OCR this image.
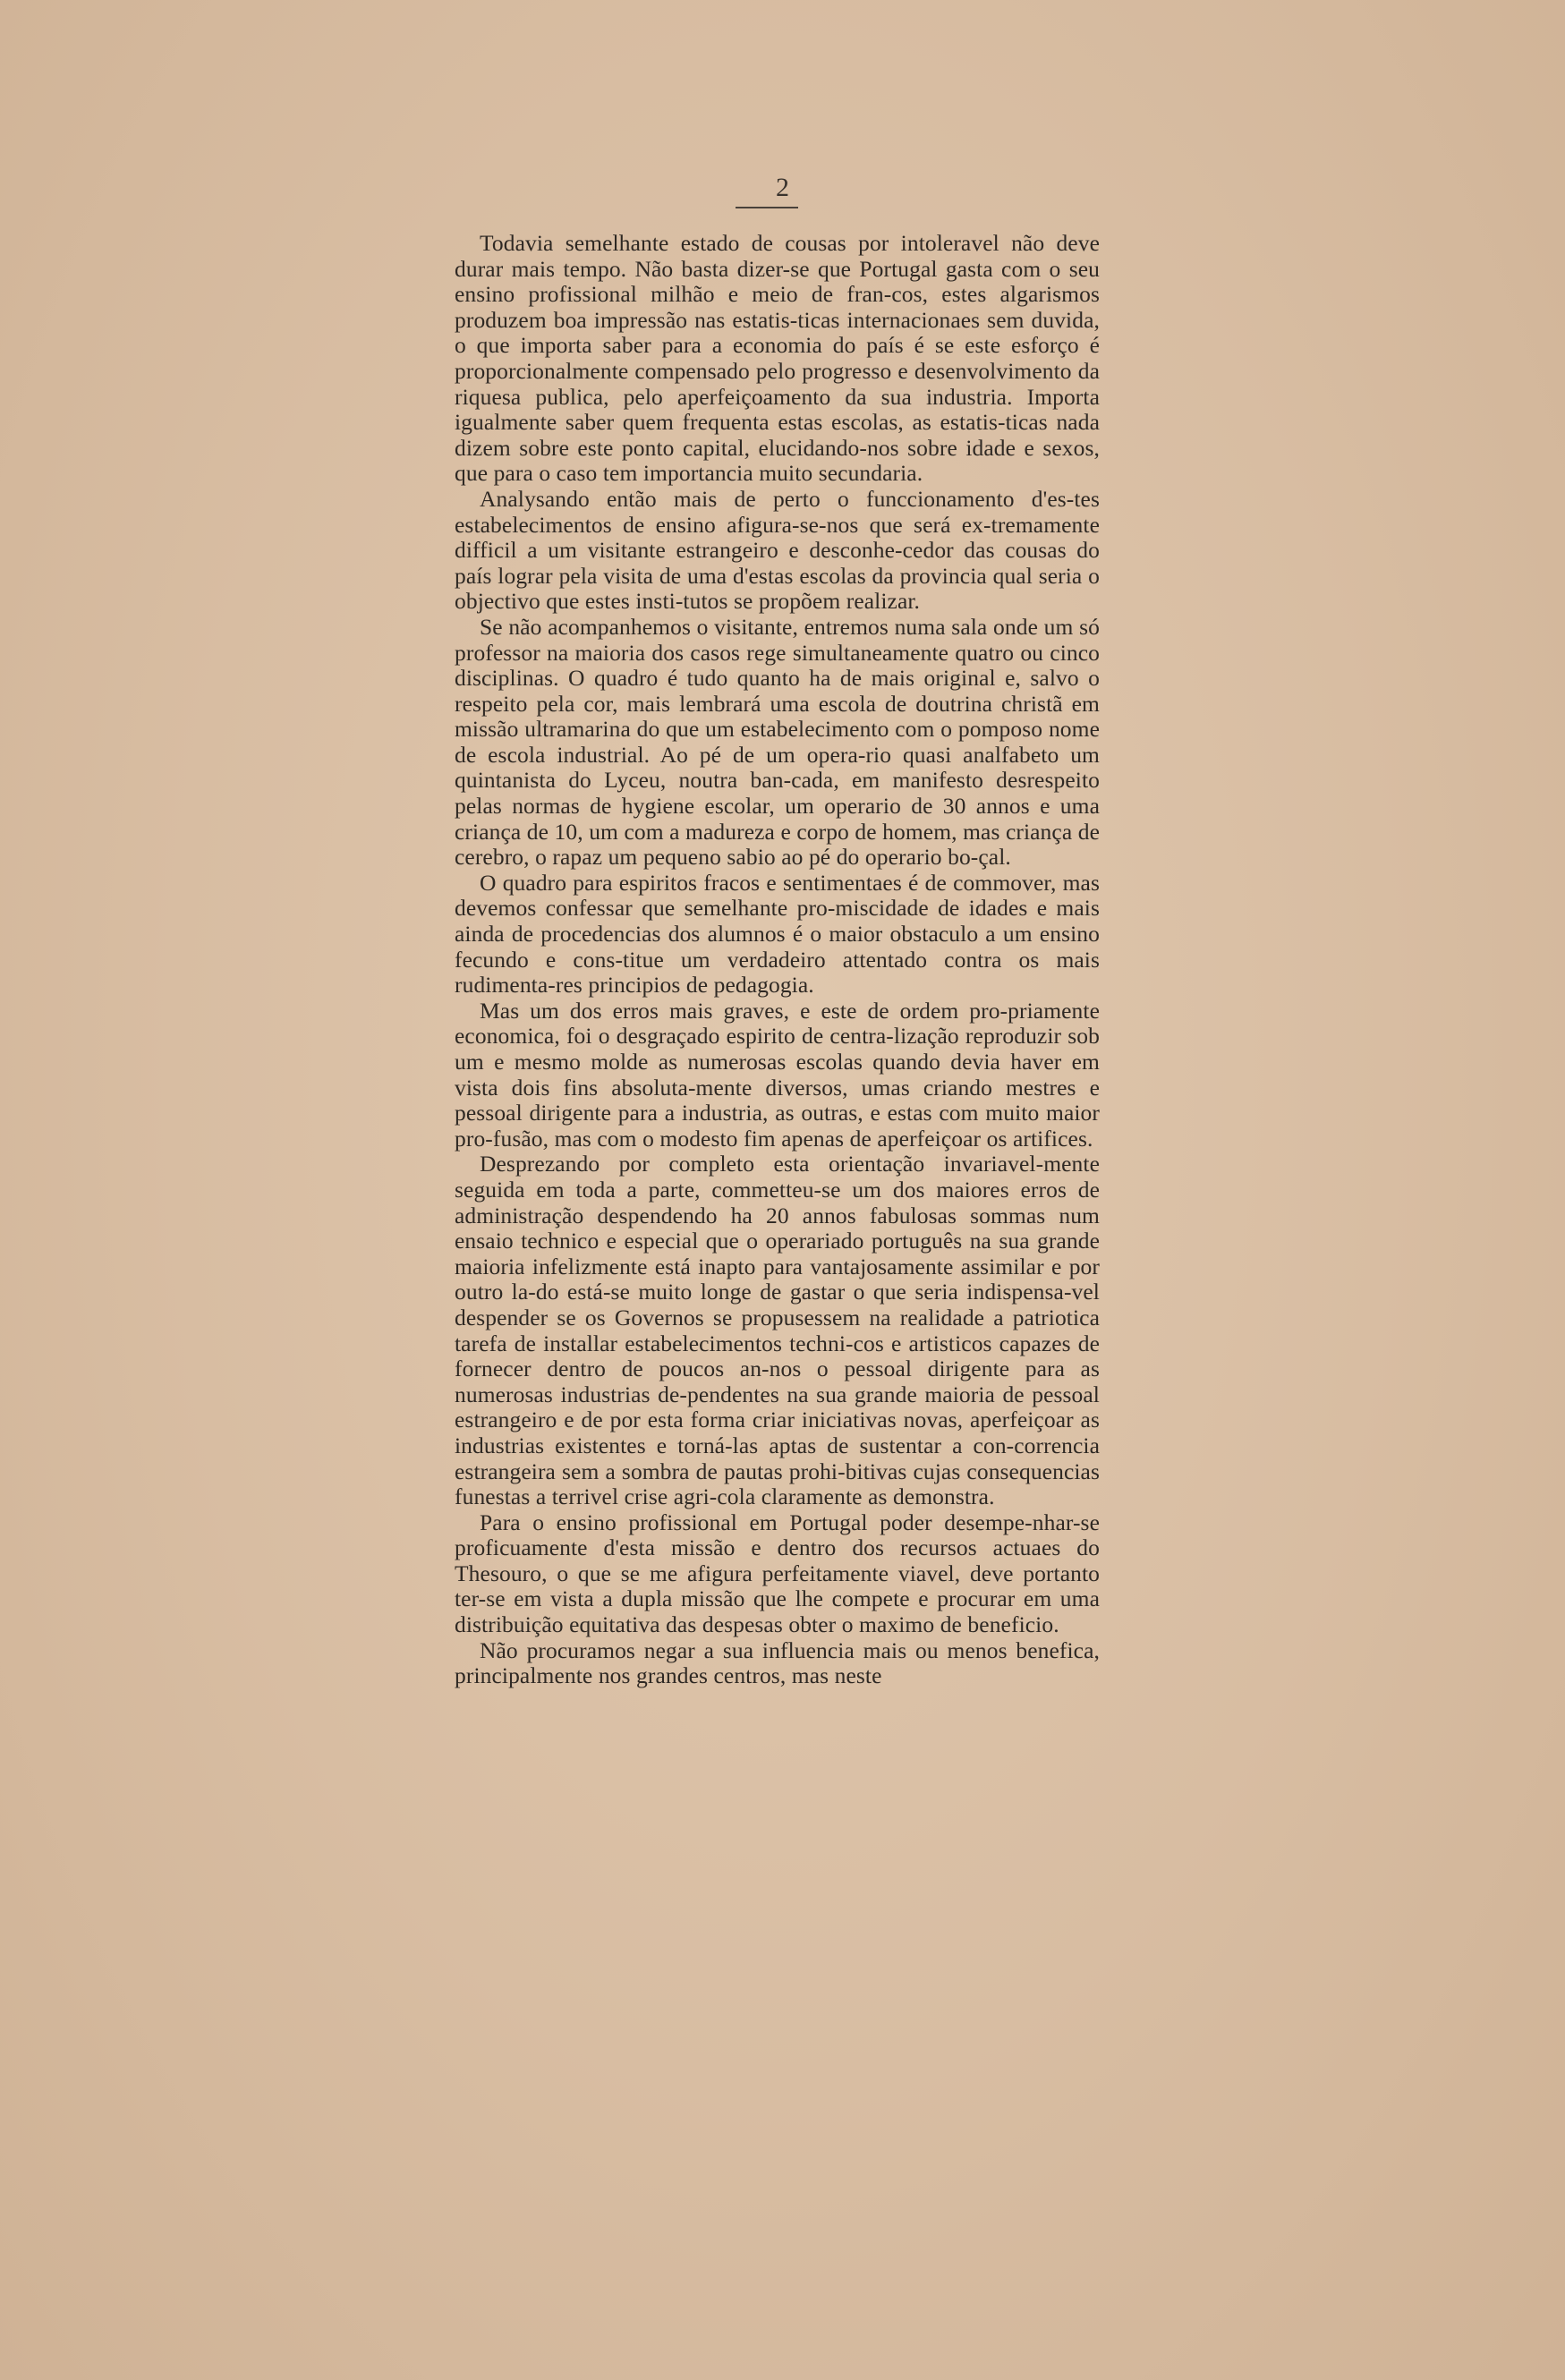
2

Todavia semelhante estado de cousas por intoleravel não deve durar mais tempo. Não basta dizer-se que Portugal gasta com o seu ensino profissional milhão e meio de fran-cos, estes algarismos produzem boa impressão nas estatis-ticas internacionaes sem duvida, o que importa saber para a economia do país é se este esforço é proporcionalmente compensado pelo progresso e desenvolvimento da riquesa publica, pelo aperfeiçoamento da sua industria. Importa igualmente saber quem frequenta estas escolas, as estatis-ticas nada dizem sobre este ponto capital, elucidando-nos sobre idade e sexos, que para o caso tem importancia muito secundaria.

Analysando então mais de perto o funccionamento d'es-tes estabelecimentos de ensino afigura-se-nos que será ex-tremamente difficil a um visitante estrangeiro e desconhe-cedor das cousas do país lograr pela visita de uma d'estas escolas da provincia qual seria o objectivo que estes insti-tutos se propõem realizar.

Se não acompanhemos o visitante, entremos numa sala onde um só professor na maioria dos casos rege simultaneamente quatro ou cinco disciplinas. O quadro é tudo quanto ha de mais original e, salvo o respeito pela cor, mais lembrará uma escola de doutrina christã em missão ultramarina do que um estabelecimento com o pomposo nome de escola industrial. Ao pé de um opera-rio quasi analfabeto um quintanista do Lyceu, noutra ban-cada, em manifesto desrespeito pelas normas de hygiene escolar, um operario de 30 annos e uma criança de 10, um com a madureza e corpo de homem, mas criança de cerebro, o rapaz um pequeno sabio ao pé do operario bo-çal.

O quadro para espiritos fracos e sentimentaes é de commover, mas devemos confessar que semelhante pro-miscidade de idades e mais ainda de procedencias dos alumnos é o maior obstaculo a um ensino fecundo e cons-titue um verdadeiro attentado contra os mais rudimenta-res principios de pedagogia.

Mas um dos erros mais graves, e este de ordem pro-priamente economica, foi o desgraçado espirito de centra-lização reproduzir sob um e mesmo molde as numerosas escolas quando devia haver em vista dois fins absoluta-mente diversos, umas criando mestres e pessoal dirigente para a industria, as outras, e estas com muito maior pro-fusão, mas com o modesto fim apenas de aperfeiçoar os artifices.

Desprezando por completo esta orientação invariavel-mente seguida em toda a parte, commetteu-se um dos maiores erros de administração despendendo ha 20 annos fabulosas sommas num ensaio technico e especial que o operariado português na sua grande maioria infelizmente está inapto para vantajosamente assimilar e por outro la-do está-se muito longe de gastar o que seria indispensa-vel despender se os Governos se propusessem na realidade a patriotica tarefa de installar estabelecimentos techni-cos e artisticos capazes de fornecer dentro de poucos an-nos o pessoal dirigente para as numerosas industrias de-pendentes na sua grande maioria de pessoal estrangeiro e de por esta forma criar iniciativas novas, aperfeiçoar as industrias existentes e torná-las aptas de sustentar a con-correncia estrangeira sem a sombra de pautas prohi-bitivas cujas consequencias funestas a terrivel crise agri-cola claramente as demonstra.

Para o ensino profissional em Portugal poder desempe-nhar-se proficuamente d'esta missão e dentro dos recursos actuaes do Thesouro, o que se me afigura perfeitamente viavel, deve portanto ter-se em vista a dupla missão que lhe compete e procurar em uma distribuição equitativa das despesas obter o maximo de beneficio.

Não procuramos negar a sua influencia mais ou menos benefica, principalmente nos grandes centros, mas neste
